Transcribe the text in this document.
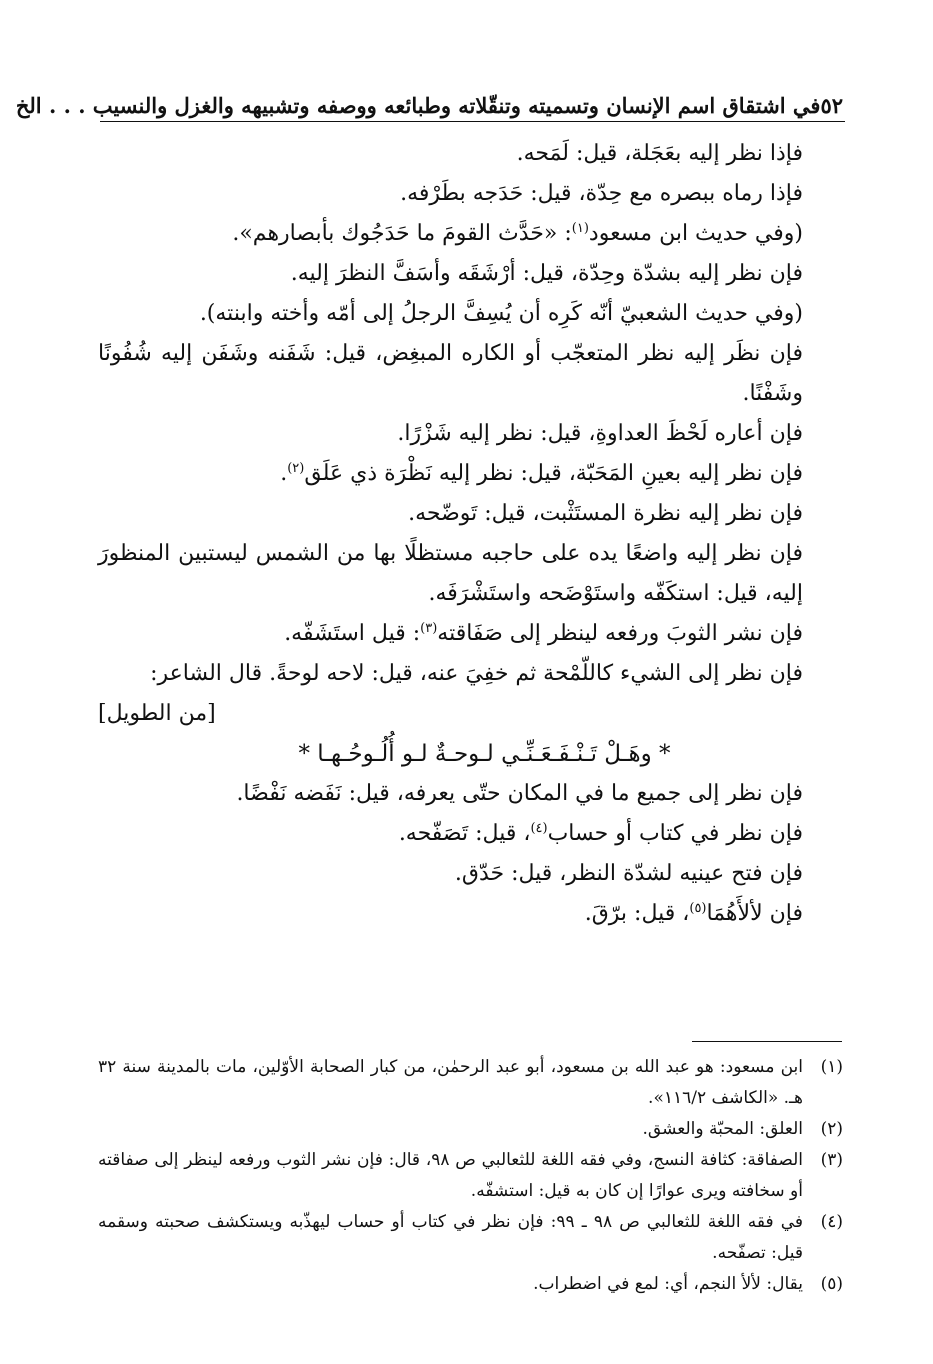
٥٢
في اشتقاق اسم الإنسان وتسميته وتنقّلاته وطبائعه ووصفه وتشبيهه والغزل والنسيب . . . الخ

فإذا نظر إليه بعَجَلة، قيل: لَمَحه.

فإذا رماه ببصره مع حِدّة، قيل: حَدَجه بطَرْفه.

(وفي حديث ابن مسعود$^{(١)}$: «حَدَّث القومَ ما حَدَجُوك بأبصارهم».

فإن نظر إليه بشدّة وحِدّة، قيل: أرْشَقَه وأسَفَّ النظرَ إليه.

(وفي حديث الشعبيّ أنّه كَرِه أن يُسِفَّ الرجلُ إلى أمّه وأخته وابنته).

فإن نظَر إليه نظر المتعجّب أو الكاره المبغِض، قيل: شَفَنه وشَفَن إليه شُفُونًا وشَفْنًا.

فإن أعاره لَحْظَ العداوةِ، قيل: نظر إليه شَزْرًا.

فإن نظر إليه بعينِ المَحَبّة، قيل: نظر إليه نَظْرَة ذي عَلَق$^{(٢)}$.

فإن نظر إليه نظرة المستَثْبت، قيل: تَوضّحه.

فإن نظر إليه واضعًا يده على حاجبه مستظلًا بها من الشمس ليستبين المنظورَ إليه، قيل: استكَفّه واستَوْضَحه واستَشْرَفَه.

فإن نشر الثوبَ ورفعه لينظر إلى صَفَاقته$^{(٣)}$: قيل استَشَفّه.

فإن نظر إلى الشيء كاللّمْحة ثم خفِيَ عنه، قيل: لاحه لوحةً. قال الشاعر:

[من الطويل]

* وهَـلْ تَـنْـفَـعَـنِّـي لـوحـةٌ لـو أُلُـوحُـهـا *

فإن نظر إلى جميع ما في المكان حتّى يعرفه، قيل: نَفَضه نَفْضًا.

فإن نظر في كتاب أو حساب$^{(٤)}$، قيل: تَصَفّحه.

فإن فتح عينيه لشدّة النظر، قيل: حَدّق.

فإن لألأَهُمَا$^{(٥)}$، قيل: برّقَ.

(١)
ابن مسعود: هو عبد الله بن مسعود، أبو عبد الرحمٰن، من كبار الصحابة الأوّلين، مات بالمدينة سنة ٣٢ هـ. «الكاشف ١١٦/٢».
(٢)
العلق: المحبّة والعشق.
(٣)
الصفاقة: كثافة النسج، وفي فقه اللغة للثعالبي ص ٩٨، قال: فإن نشر الثوب ورفعه لينظر إلى صفاقته أو سخافته ويرى عوارًا إن كان به قيل: استشفّه.
(٤)
في فقه اللغة للثعالبي ص ٩٨ ـ ٩٩: فإن نظر في كتاب أو حساب ليهذّبه ويستكشف صحبته وسقمه قيل: تصفّحه.
(٥)
يقال: لألأ النجم، أي: لمع في اضطراب.
